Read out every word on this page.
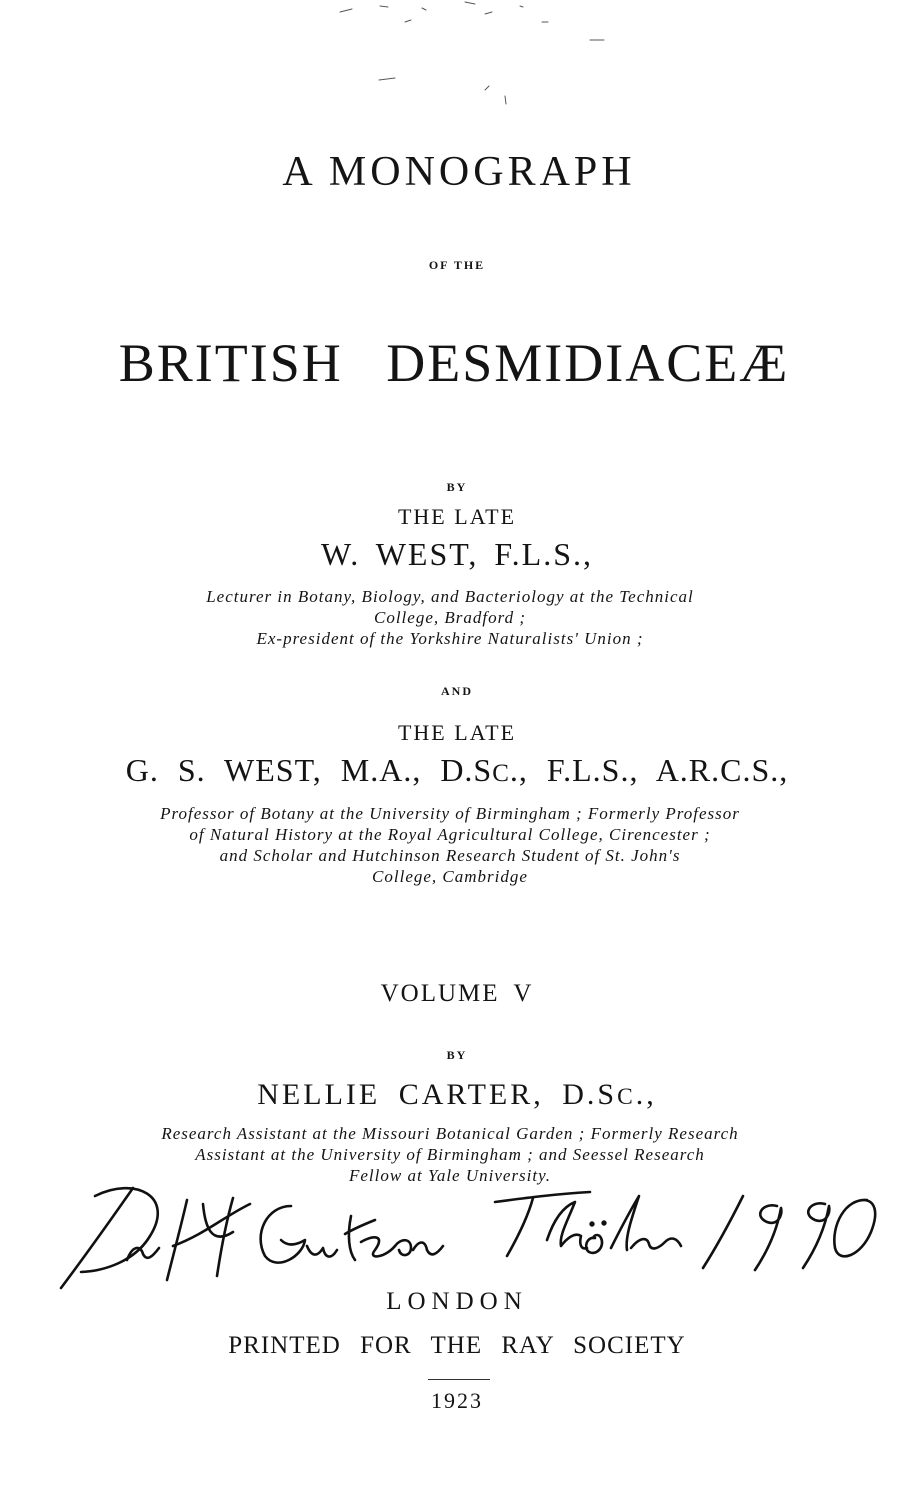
A MONOGRAPH
OF THE
BRITISH DESMIDIACEÆ
BY
THE LATE
W. WEST, F.L.S.,
Lecturer in Botany, Biology, and Bacteriology at the Technical
College, Bradford ;
Ex-president of the Yorkshire Naturalists' Union ;
AND
THE LATE
G. S. WEST, M.A., D.SC., F.L.S., A.R.C.S.,
Professor of Botany at the University of Birmingham ; Formerly Professor
of Natural History at the Royal Agricultural College, Cirencester ;
and Scholar and Hutchinson Research Student of St. John's
College, Cambridge
VOLUME V
BY
NELLIE CARTER, D.SC.,
Research Assistant at the Missouri Botanical Garden ; Formerly Research
Assistant at the University of Birmingham ; and Seessel Research
Fellow at Yale University.
LONDON
PRINTED FOR THE RAY SOCIETY
1923
